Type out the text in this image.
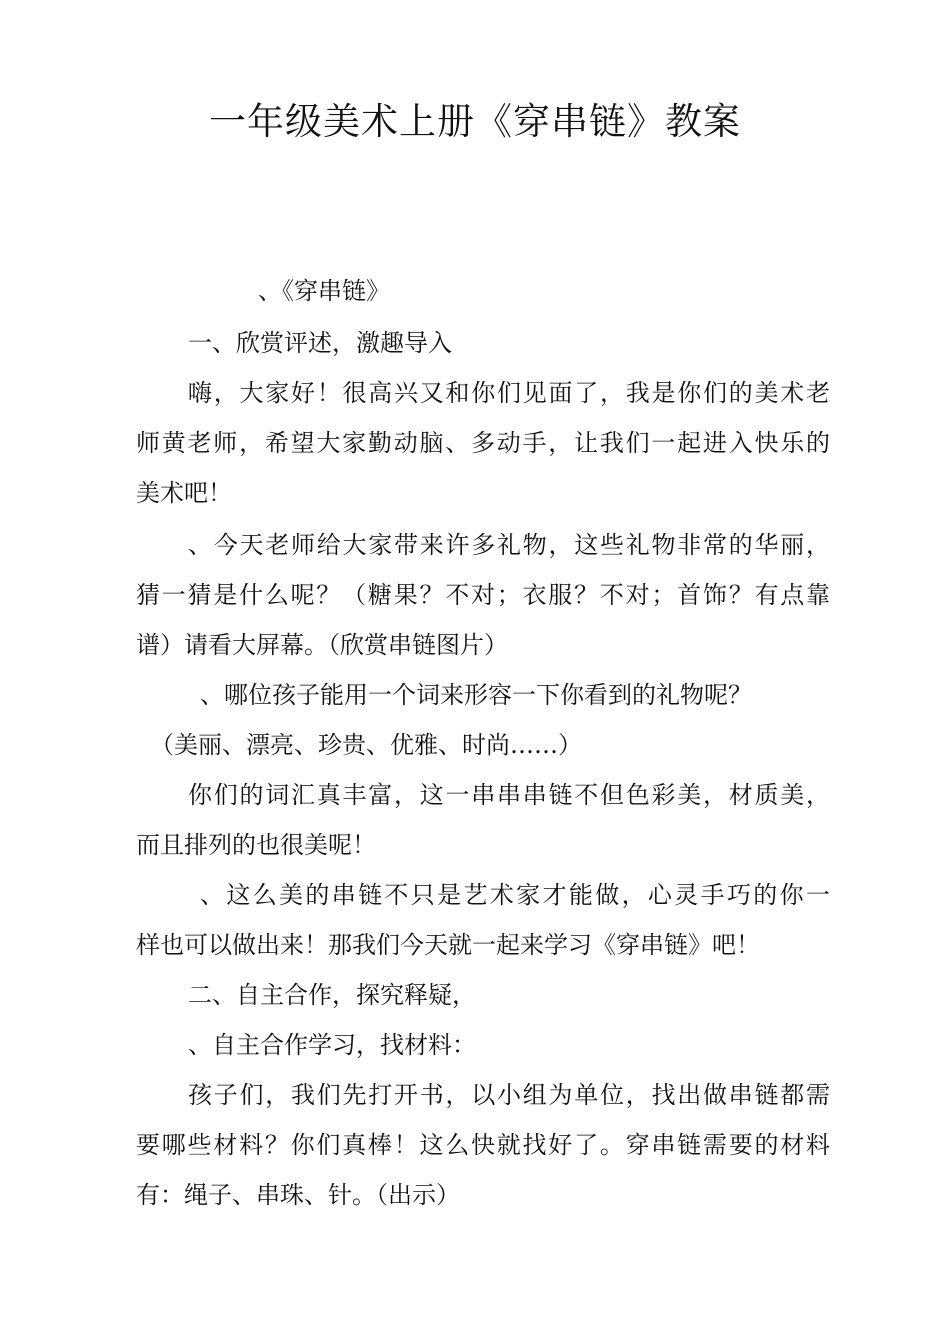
一年级美术上册《穿串链》教案
、《穿串链》
一、欣赏评述，激趣导入
嗨，大家好！很高兴又和你们见面了，我是你们的美术老
师黄老师，希望大家勤动脑、多动手，让我们一起进入快乐的
美术吧！
、今天老师给大家带来许多礼物，这些礼物非常的华丽，
猜一猜是什么呢？（糖果？不对；衣服？不对；首饰？有点靠
谱）请看大屏幕。（欣赏串链图片）
、哪位孩子能用一个词来形容一下你看到的礼物呢？
（美丽、漂亮、珍贵、优雅、时尚……）
你们的词汇真丰富，这一串串串链不但色彩美，材质美，
而且排列的也很美呢！
、这么美的串链不只是艺术家才能做，心灵手巧的你一
样也可以做出来！那我们今天就一起来学习《穿串链》吧！
二、自主合作，探究释疑，
、自主合作学习，找材料：
孩子们，我们先打开书，以小组为单位，找出做串链都需
要哪些材料？你们真棒！这么快就找好了。穿串链需要的材料
有：绳子、串珠、针。（出示）
